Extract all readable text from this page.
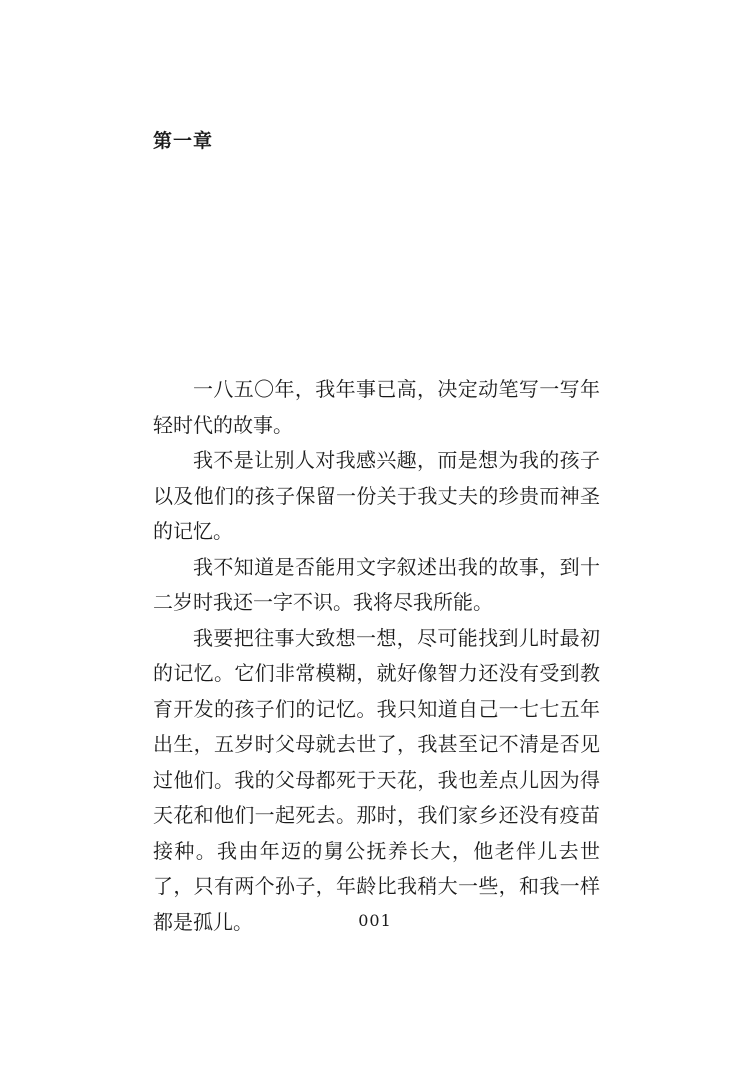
第一章

一八五〇年，我年事已高，决定动笔写一写年轻时代的故事。

我不是让别人对我感兴趣，而是想为我的孩子以及他们的孩子保留一份关于我丈夫的珍贵而神圣的记忆。

我不知道是否能用文字叙述出我的故事，到十二岁时我还一字不识。我将尽我所能。

我要把往事大致想一想，尽可能找到儿时最初的记忆。它们非常模糊，就好像智力还没有受到教育开发的孩子们的记忆。我只知道自己一七七五年出生，五岁时父母就去世了，我甚至记不清是否见过他们。我的父母都死于天花，我也差点儿因为得天花和他们一起死去。那时，我们家乡还没有疫苗接种。我由年迈的舅公抚养长大，他老伴儿去世了，只有两个孙子，年龄比我稍大一些，和我一样都是孤儿。	001
